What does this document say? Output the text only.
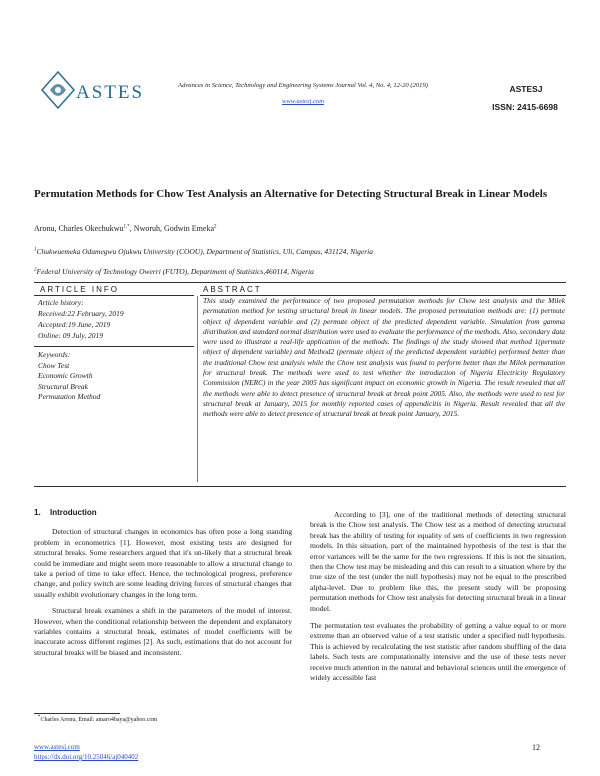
ASTES	Advances in Science, Technology and Engineering Systems Journal Vol. 4, No. 4, 12-20 (2019)
www.astesj.com
ASTESJ
ISSN: 2415-6698
Permutation Methods for Chow Test Analysis an Alternative for Detecting Structural Break in Linear Models
Aronu, Charles Okechukwu$^{1,*}$, Nworuh, Godwin Emeka$^2$
$^1$Chukwuemeka Odumegwu Ojukwu University (COOU), Department of Statistics, Uli, Campus, 431124, Nigeria
$^2$Federal University of Technology Owerri (FUTO), Department of Statistics,460114, Nigeria
ARTICLE INFO	ABSTRACT
Article history:
Received:22 February, 2019
Accepted:19 June, 2019
Online: 09 July, 2019
Keywords:
Chow Test
Economic Growth
Structural Break
Permutation Method
This study examined the performance of two proposed permutation methods for Chow test analysis and the Milek permutation method for testing structural break in linear models. The proposed permutation methods are: (1) permute object of dependent variable and (2) permute object of the predicted dependent variable. Simulation from gamma distribution and standard normal distribution were used to evaluate the performance of the methods. Also, secondary data were used to illustrate a real-life application of the methods. The findings of the study showed that method 1(permute object of dependent variable) and Method2 (permute object of the predicted dependent variable) performed better than the traditional Chow test analysis while the Chow test analysis was found to perform better than the Milek permutation for structural break. The methods were used to test whether the introduction of Nigeria Electricity Regulatory Commission (NERC) in the year 2005 has significant impact on economic growth in Nigeria. The result revealed that all the methods were able to detect presence of structural break at break point 2005. Also, the methods were used to test for structural break at January, 2015 for monthly reported cases of appendicitis in Nigeria. Result revealed that all the methods were able to detect presence of structural break at break point January, 2015.
1. Introduction

Detection of structural changes in economics has often pose a long standing problem in econometrics [1]. However, most existing tests are designed for structural breaks. Some researchers argued that it's un-likely that a structural break could be immediate and might seem more reasonable to allow a structural change to take a period of time to take effect. Hence, the technological progress, preference change, and policy switch are some leading driving forces of structural changes that usually exhibit evolutionary changes in the long term.

Structural break examines a shift in the parameters of the model of interest. However, when the conditional relationship between the dependent and explanatory variables contains a structural break, estimates of model coefficients will be inaccurate across different regimes [2]. As such, estimations that do not account for structural breaks will be biased and inconsistent.

According to [3], one of the traditional methods of detecting structural break is the Chow test analysis. The Chow test as a method of detecting structural break has the ability of testing for equality of sets of coefficients in two regression models. In this situation, part of the maintained hypothesis of the test is that the error variances will be the same for the two regressions. If this is not the situation, then the Chow test may be misleading and this can result to a situation where by the true size of the test (under the null hypothesis) may not be equal to the prescribed alpha-level. Due to problem like this, the present study will be proposing permutation methods for Chow test analysis for detecting structural break in a linear model.

The permutation test evaluates the probability of getting a value equal to or more extreme than an observed value of a test statistic under a specified null hypothesis. This is achieved by recalculating the test statistic after random shuffling of the data labels. Such tests are computationally intensive and the use of these tests never receive much attention in the natural and behavioral sciences until the emergence of widely accessible fast

*Charles Aronu, Email: amaro4baya@yahoo.com
www.astesj.com
https://dx.doi.org/10.25046/aj040402
12
